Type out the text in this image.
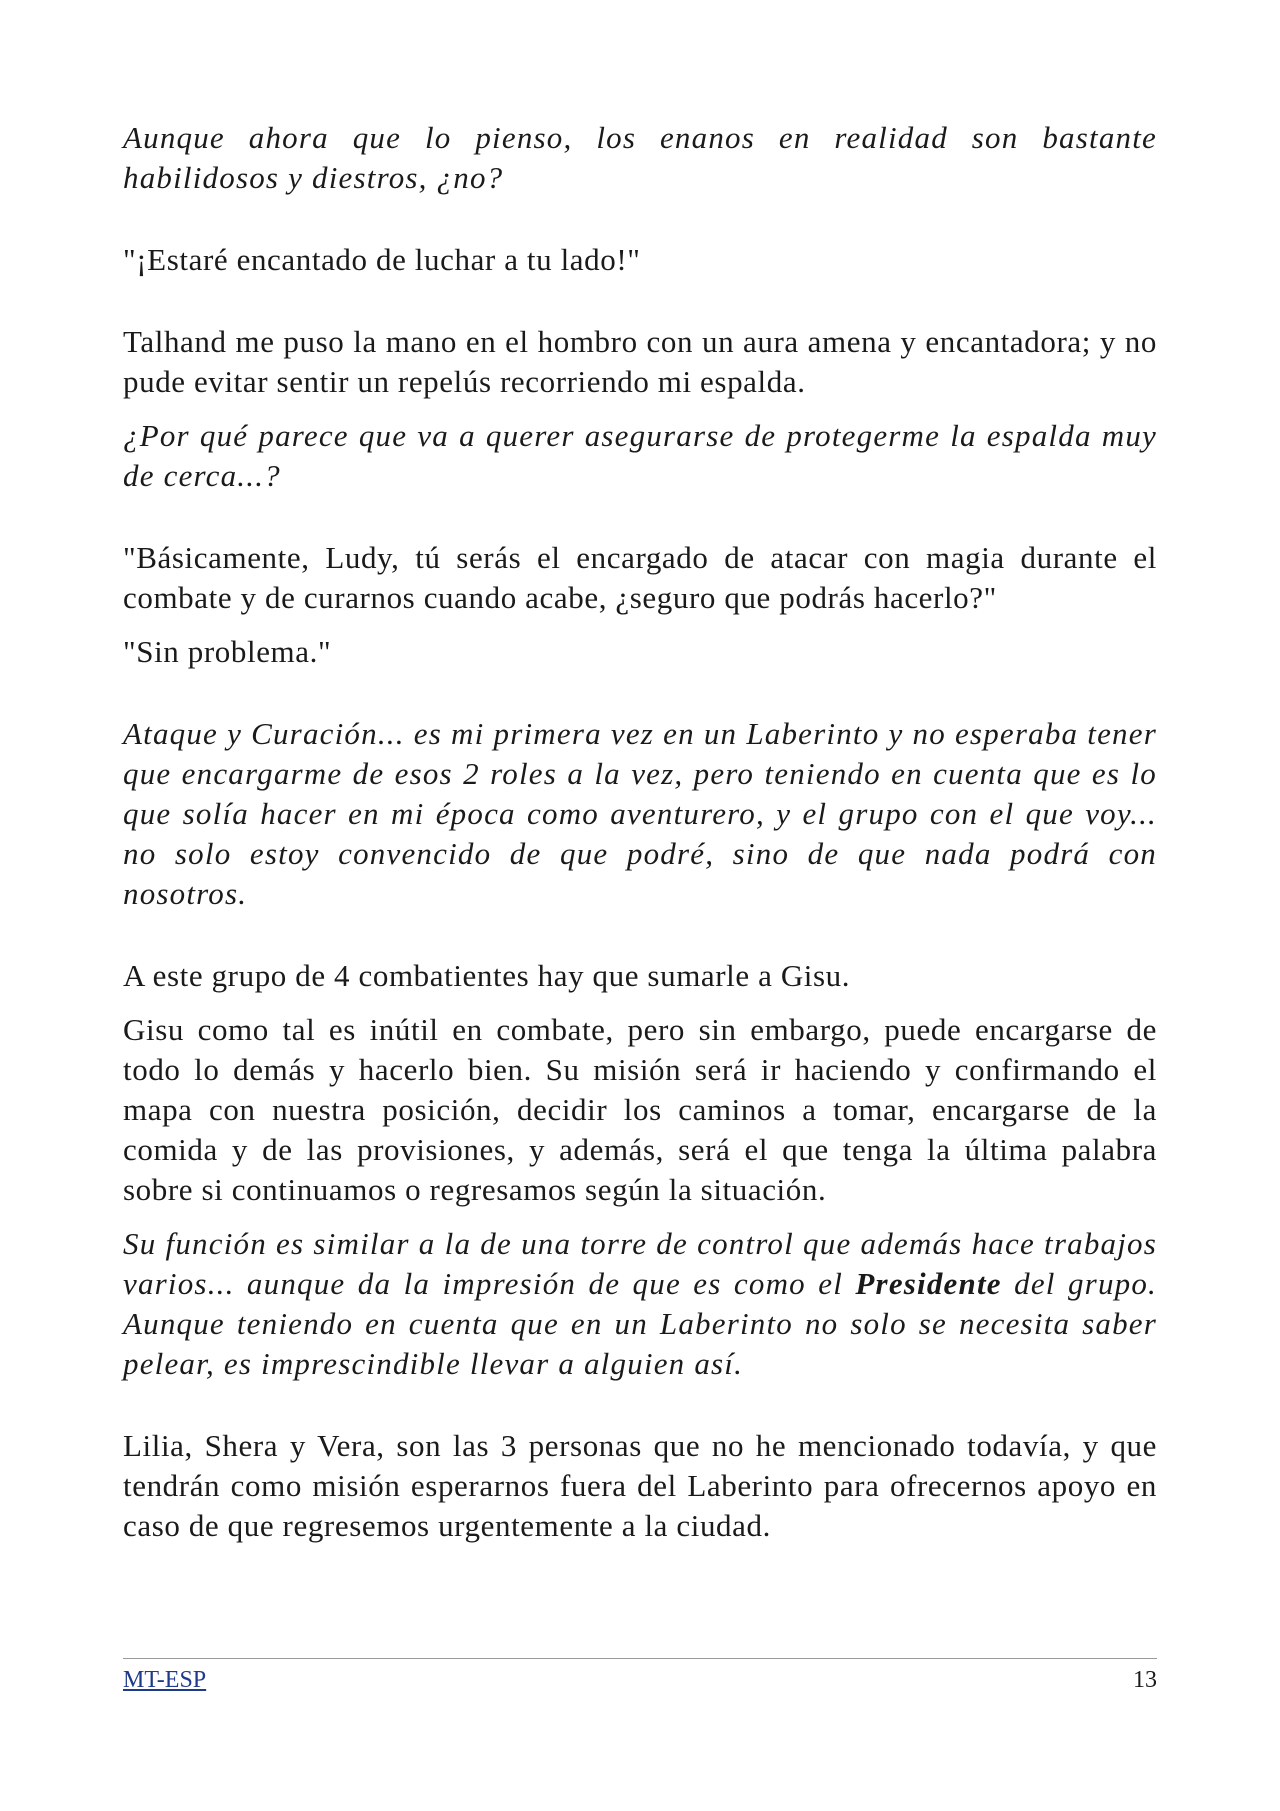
Aunque ahora que lo pienso, los enanos en realidad son bastante habilidosos y diestros, ¿no?

"¡Estaré encantado de luchar a tu lado!"

Talhand me puso la mano en el hombro con un aura amena y encantadora; y no pude evitar sentir un repelús recorriendo mi espalda.

¿Por qué parece que va a querer asegurarse de protegerme la espalda muy de cerca...?

"Básicamente, Ludy, tú serás el encargado de atacar con magia durante el combate y de curarnos cuando acabe, ¿seguro que podrás hacerlo?"

"Sin problema."

Ataque y Curación... es mi primera vez en un Laberinto y no esperaba tener que encargarme de esos 2 roles a la vez, pero teniendo en cuenta que es lo que solía hacer en mi época como aventurero, y el grupo con el que voy... no solo estoy convencido de que podré, sino de que nada podrá con nosotros.

A este grupo de 4 combatientes hay que sumarle a Gisu.

Gisu como tal es inútil en combate, pero sin embargo, puede encargarse de todo lo demás y hacerlo bien. Su misión será ir haciendo y confirmando el mapa con nuestra posición, decidir los caminos a tomar, encargarse de la comida y de las provisiones, y además, será el que tenga la última palabra sobre si continuamos o regresamos según la situación.

Su función es similar a la de una torre de control que además hace trabajos varios... aunque da la impresión de que es como el Presidente del grupo. Aunque teniendo en cuenta que en un Laberinto no solo se necesita saber pelear, es imprescindible llevar a alguien así.

Lilia, Shera y Vera, son las 3 personas que no he mencionado todavía, y que tendrán como misión esperarnos fuera del Laberinto para ofrecernos apoyo en caso de que regresemos urgentemente a la ciudad.

MT-ESP	13
